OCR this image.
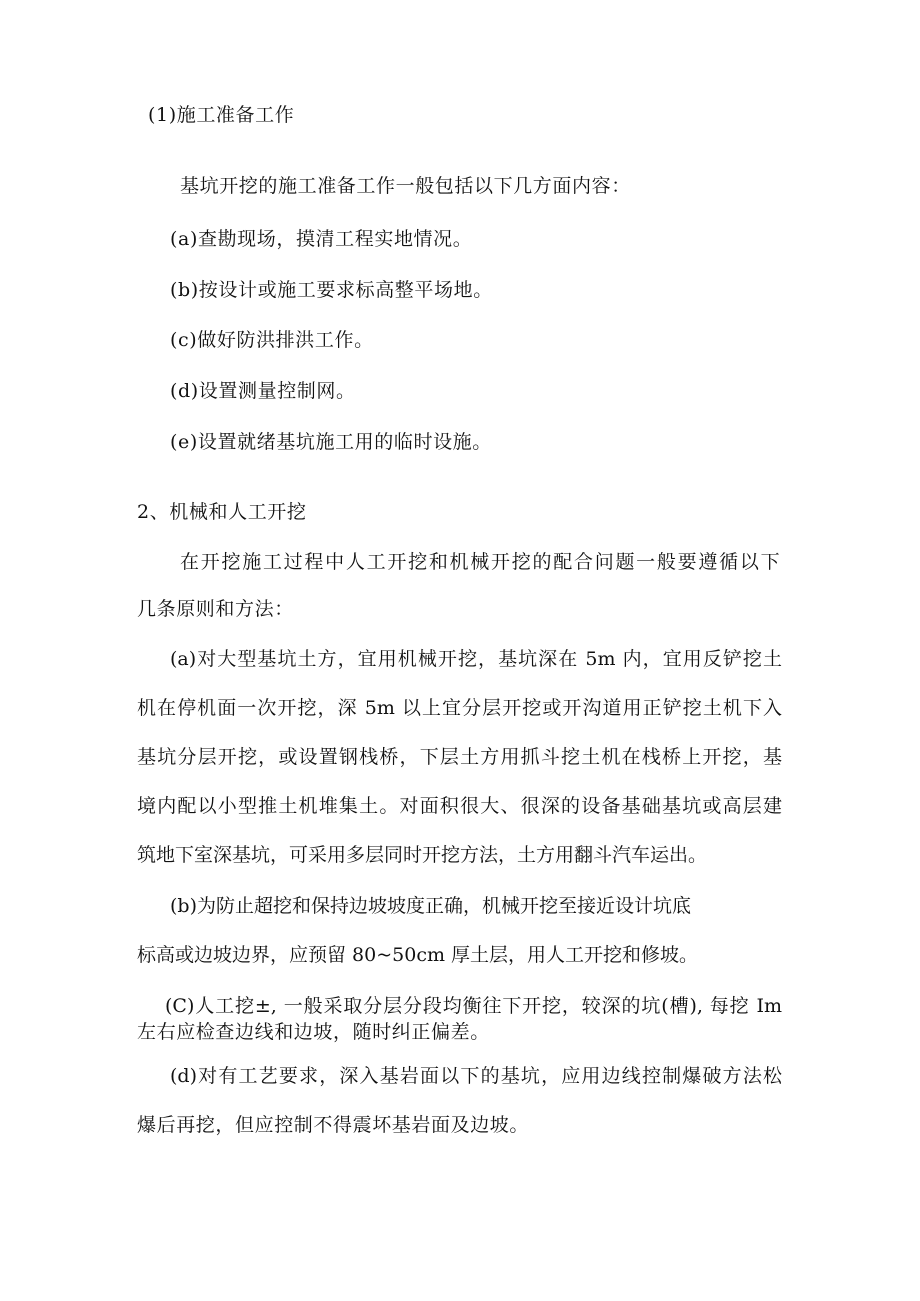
(1)施工准备工作
基坑开挖的施工准备工作一般包括以下几方面内容：
(a)查勘现场，摸清工程实地情况。
(b)按设计或施工要求标高整平场地。
(c)做好防洪排洪工作。
(d)设置测量控制网。
(e)设置就绪基坑施工用的临时设施。
2、机械和人工开挖
在开挖施工过程中人工开挖和机械开挖的配合问题一般要遵循以下
几条原则和方法：
(a)对大型基坑土方，宜用机械开挖，基坑深在 5m 内，宜用反铲挖土
机在停机面一次开挖，深 5m 以上宜分层开挖或开沟道用正铲挖土机下入
基坑分层开挖，或设置钢栈桥，下层土方用抓斗挖土机在栈桥上开挖，基
境内配以小型推土机堆集土。对面积很大、很深的设备基础基坑或高层建
筑地下室深基坑，可采用多层同时开挖方法，土方用翻斗汽车运出。
(b)为防止超挖和保持边坡坡度正确，机械开挖至接近设计坑底
标高或边坡边界，应预留 80~50cm 厚土层，用人工开挖和修坡。
(C)人工挖±, 一般采取分层分段均衡往下开挖，较深的坑(槽), 每挖 Im
左右应检查边线和边坡，随时纠正偏差。
(d)对有工艺要求，深入基岩面以下的基坑，应用边线控制爆破方法松
爆后再挖，但应控制不得震坏基岩面及边坡。
